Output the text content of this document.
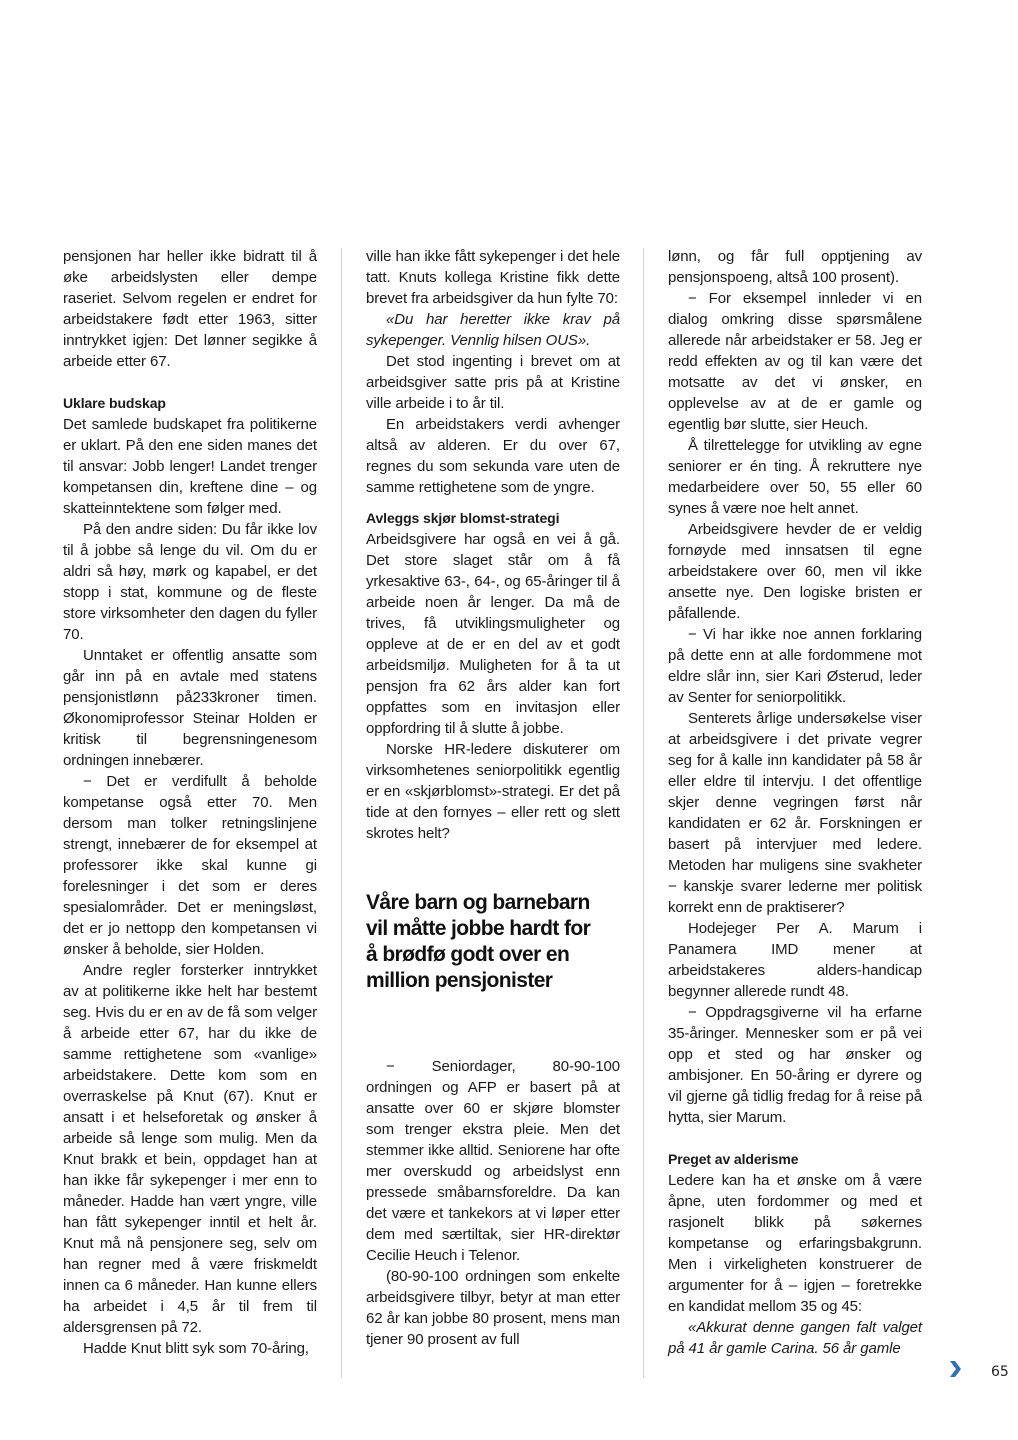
pensjonen har heller ikke bidratt til å øke arbeidslysten eller dempe raseriet. Selvom regelen er endret for arbeidstakere født etter 1963, sitter inntrykket igjen: Det lønner segikke å arbeide etter 67.

Uklare budskap

Det samlede budskapet fra politikerne er uklart. På den ene siden manes det til ansvar: Jobb lenger! Landet trenger kompetansen din, kreftene dine – og skatteinntektene som følger med.

På den andre siden: Du får ikke lov til å jobbe så lenge du vil. Om du er aldri så høy, mørk og kapabel, er det stopp i stat, kommune og de fleste store virksomheter den dagen du fyller 70.

Unntaket er offentlig ansatte som går inn på en avtale med statens pensjonistlønn på233kroner timen. Økonomiprofessor Steinar Holden er kritisk til begrensningenesom ordningen innebærer.

− Det er verdifullt å beholde kompetanse også etter 70. Men dersom man tolker retningslinjene strengt, innebærer de for eksempel at professorer ikke skal kunne gi forelesninger i det som er deres spesialområder. Det er meningsløst, det er jo nettopp den kompetansen vi ønsker å beholde, sier Holden.

Andre regler forsterker inntrykket av at politikerne ikke helt har bestemt seg. Hvis du er en av de få som velger å arbeide etter 67, har du ikke de samme rettighetene som «vanlige» arbeidstakere. Dette kom som en overraskelse på Knut (67). Knut er ansatt i et helseforetak og ønsker å arbeide så lenge som mulig. Men da Knut brakk et bein, oppdaget han at han ikke får sykepenger i mer enn to måneder. Hadde han vært yngre, ville han fått sykepenger inntil et helt år. Knut må nå pensjonere seg, selv om han regner med å være friskmeldt innen ca 6 måneder. Han kunne ellers ha arbeidet i 4,5 år til frem til aldersgrensen på 72.

Hadde Knut blitt syk som 70-åring,

ville han ikke fått sykepenger i det hele tatt. Knuts kollega Kristine fikk dette brevet fra arbeidsgiver da hun fylte 70:

«Du har heretter ikke krav på sykepenger. Vennlig hilsen OUS».

Det stod ingenting i brevet om at arbeidsgiver satte pris på at Kristine ville arbeide i to år til.

En arbeidstakers verdi avhenger altså av alderen. Er du over 67, regnes du som sekunda vare uten de samme rettighetene som de yngre.

Avleggs skjør blomst-strategi

Arbeidsgivere har også en vei å gå. Det store slaget står om å få yrkesaktive 63-, 64-, og 65-åringer til å arbeide noen år lenger. Da må de trives, få utviklingsmuligheter og oppleve at de er en del av et godt arbeidsmiljø. Muligheten for å ta ut pensjon fra 62 års alder kan fort oppfattes som en invitasjon eller oppfordring til å slutte å jobbe.

Norske HR-ledere diskuterer om virksomhetenes seniorpolitikk egentlig er en «skjørblomst»-strategi. Er det på tide at den fornyes – eller rett og slett skrotes helt?

Våre barn og barnebarn vil måtte jobbe hardt for å brødfø godt over en million pensjonister

− Seniordager, 80-90-100 ordningen og AFP er basert på at ansatte over 60 er skjøre blomster som trenger ekstra pleie. Men det stemmer ikke alltid. Seniorene har ofte mer overskudd og arbeidslyst enn pressede småbarnsforeldre. Da kan det være et tankekors at vi løper etter dem med særtiltak, sier HR-direktør Cecilie Heuch i Telenor.

(80-90-100 ordningen som enkelte arbeidsgivere tilbyr, betyr at man etter 62 år kan jobbe 80 prosent, mens man tjener 90 prosent av full

lønn, og får full opptjening av pensjonspoeng, altså 100 prosent).

− For eksempel innleder vi en dialog omkring disse spørsmålene allerede når arbeidstaker er 58. Jeg er redd effekten av og til kan være det motsatte av det vi ønsker, en opplevelse av at de er gamle og egentlig bør slutte, sier Heuch.

Å tilrettelegge for utvikling av egne seniorer er én ting. Å rekruttere nye medarbeidere over 50, 55 eller 60 synes å være noe helt annet.

Arbeidsgivere hevder de er veldig fornøyde med innsatsen til egne arbeidstakere over 60, men vil ikke ansette nye. Den logiske bristen er påfallende.

− Vi har ikke noe annen forklaring på dette enn at alle fordommene mot eldre slår inn, sier Kari Østerud, leder av Senter for seniorpolitikk.

Senterets årlige undersøkelse viser at arbeidsgivere i det private vegrer seg for å kalle inn kandidater på 58 år eller eldre til intervju. I det offentlige skjer denne vegringen først når kandidaten er 62 år. Forskningen er basert på intervjuer med ledere. Metoden har muligens sine svakheter − kanskje svarer lederne mer politisk korrekt enn de praktiserer?

Hodejeger Per A. Marum i Panamera IMD mener at arbeidstakeres alders-handicap begynner allerede rundt 48.

− Oppdragsgiverne vil ha erfarne 35-åringer. Mennesker som er på vei opp et sted og har ønsker og ambisjoner. En 50-åring er dyrere og vil gjerne gå tidlig fredag for å reise på hytta, sier Marum.

Preget av alderisme

Ledere kan ha et ønske om å være åpne, uten fordommer og med et rasjonelt blikk på søkernes kompetanse og erfaringsbakgrunn. Men i virkeligheten konstruerer de argumenter for å – igjen – foretrekke en kandidat mellom 35 og 45:

«Akkurat denne gangen falt valget på 41 år gamle Carina. 56 år gamle

65
